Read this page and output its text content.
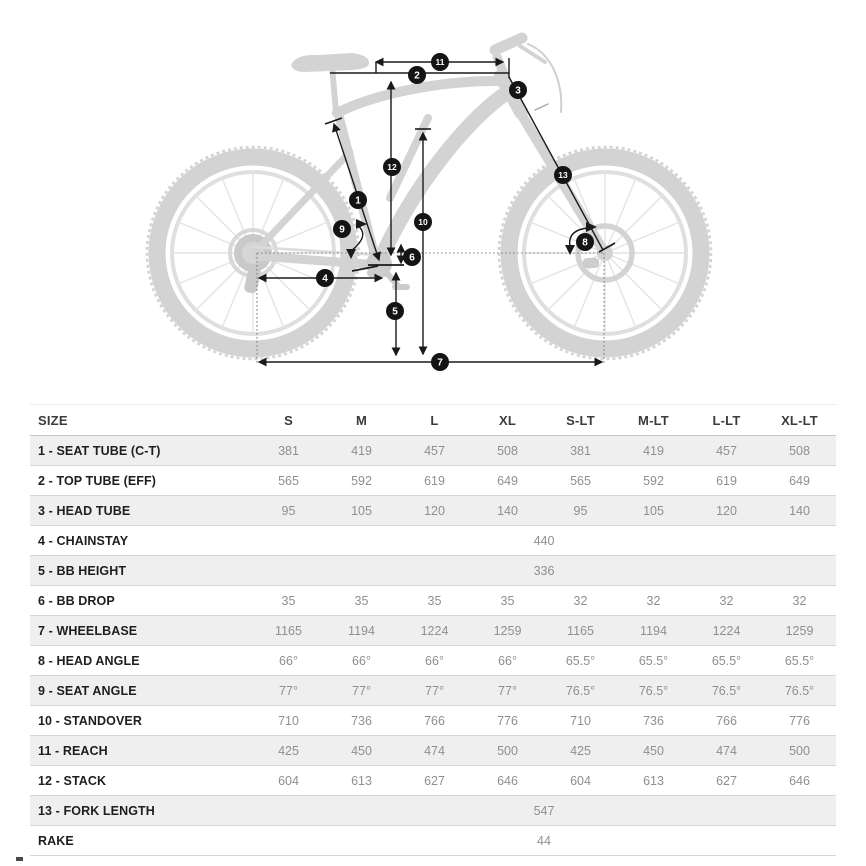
1
2
3
4
5
6
7
8
9
10
11
12
13
SIZE	S	M	L	XL	S-LT	M-LT	L-LT	XL-LT
1 - SEAT TUBE (C-T)	381	419	457	508	381	419	457	508
2 - TOP TUBE (EFF)	565	592	619	649	565	592	619	649
3 - HEAD TUBE	95	105	120	140	95	105	120	140
4 - CHAINSTAY	440							
5 - BB HEIGHT	336							
6 - BB DROP	35	35	35	35	32	32	32	32
7 - WHEELBASE	1165	1194	1224	1259	1165	1194	1224	1259
8 - HEAD ANGLE	66°	66°	66°	66°	65.5°	65.5°	65.5°	65.5°
9 - SEAT ANGLE	77°	77°	77°	77°	76.5°	76.5°	76.5°	76.5°
10 - STANDOVER	710	736	766	776	710	736	766	776
11 - REACH	425	450	474	500	425	450	474	500
12 - STACK	604	613	627	646	604	613	627	646
13 - FORK LENGTH	547							
RAKE	44							
